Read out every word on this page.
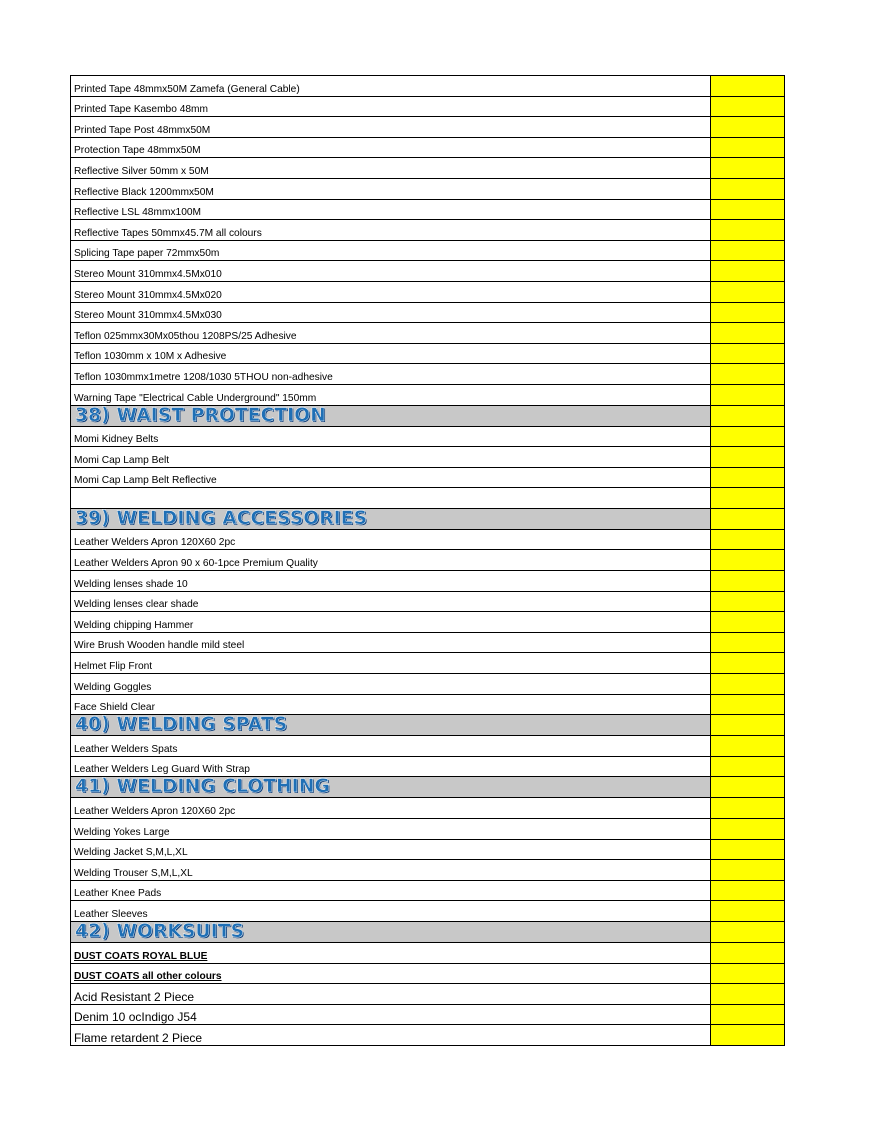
Printed Tape 48mmx50M Zamefa (General Cable)	
Printed Tape Kasembo 48mm	
Printed Tape Post 48mmx50M	
Protection Tape 48mmx50M	
Reflective Silver 50mm x 50M	
Reflective Black 1200mmx50M	
Reflective LSL 48mmx100M	
Reflective Tapes 50mmx45.7M all colours	
Splicing Tape paper 72mmx50m	
Stereo Mount 310mmx4.5Mx010	
Stereo Mount 310mmx4.5Mx020	
Stereo Mount 310mmx4.5Mx030	
Teflon 025mmx30Mx05thou 1208PS/25 Adhesive	
Teflon 1030mm x 10M x Adhesive	
Teflon 1030mmx1metre 1208/1030 5THOU non-adhesive	
Warning Tape "Electrical Cable Underground" 150mm	
38) WAIST PROTECTION	
Momi Kidney Belts	
Momi Cap Lamp Belt	
Momi Cap Lamp Belt Reflective	

39) WELDING ACCESSORIES	
Leather Welders Apron 120X60 2pc	
Leather Welders Apron 90 x 60-1pce Premium Quality	
Welding lenses shade 10	
Welding lenses clear shade	
Welding chipping Hammer	
Wire Brush Wooden handle mild steel	
Helmet Flip Front	
Welding Goggles	
Face Shield Clear	
40) WELDING SPATS	
Leather Welders Spats	
Leather Welders Leg Guard With Strap	
41) WELDING CLOTHING	
Leather Welders Apron 120X60 2pc	
Welding Yokes Large	
Welding Jacket S,M,L,XL	
Welding Trouser S,M,L,XL	
Leather Knee Pads	
Leather Sleeves	
42) WORKSUITS	
DUST COATS ROYAL BLUE	
DUST COATS all other colours	
Acid Resistant 2 Piece	
Denim 10 ocIndigo J54	
Flame retardent 2 Piece	
